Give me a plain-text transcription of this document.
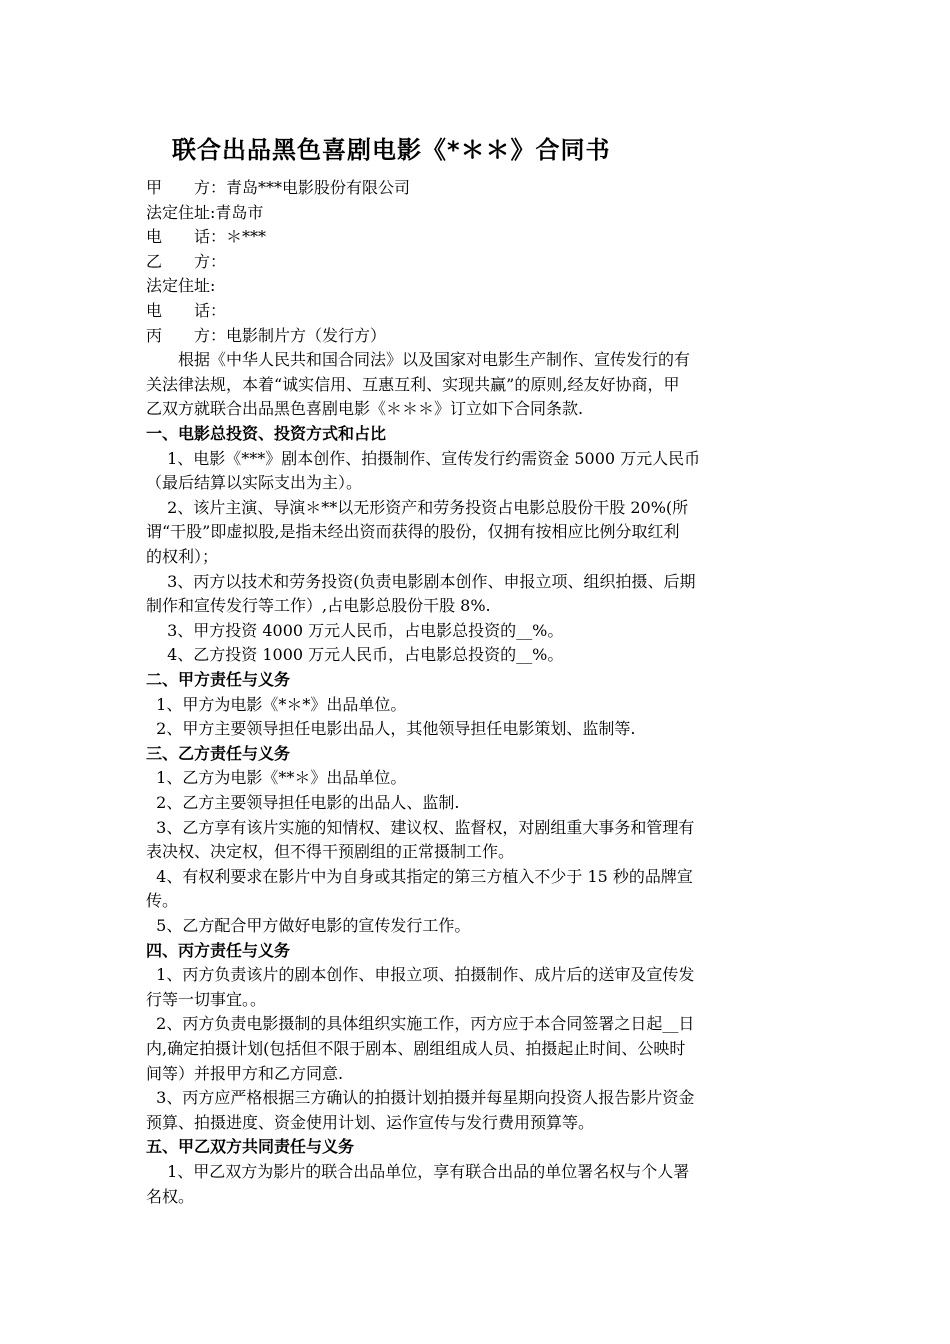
联合出品黑色喜剧电影《*＊＊》合同书
甲　　方：青岛***电影股份有限公司
法定住址:青岛市
电　　话：＊***
乙　　方：
法定住址:
电　　话：
丙　　方：电影制片方（发行方）
　　根据《中华人民共和国合同法》以及国家对电影生产制作、宣传发行的有
关法律法规，本着“诚实信用、互惠互利、实现共赢”的原则,经友好协商，甲
乙双方就联合出品黑色喜剧电影《＊＊＊》订立如下合同条款.
一、电影总投资、投资方式和占比
　 1、电影《***》剧本创作、拍摄制作、宣传发行约需资金 5000 万元人民币
（最后结算以实际支出为主）。
　 2、该片主演、导演＊**以无形资产和劳务投资占电影总股份干股 20%(所
谓“干股”即虚拟股,是指未经出资而获得的股份，仅拥有按相应比例分取红利
的权利）；
　 3、丙方以技术和劳务投资(负责电影剧本创作、申报立项、组织拍摄、后期
制作和宣传发行等工作）,占电影总股份干股 8%.
　 3、甲方投资 4000 万元人民币，占电影总投资的__%。
　 4、乙方投资 1000 万元人民币，占电影总投资的__%。
二、甲方责任与义务
1、甲方为电影《*＊*》出品单位。
2、甲方主要领导担任电影出品人，其他领导担任电影策划、监制等.
三、乙方责任与义务
1、乙方为电影《**＊》出品单位。
2、乙方主要领导担任电影的出品人、监制.
3、乙方享有该片实施的知情权、建议权、监督权，对剧组重大事务和管理有
表决权、决定权，但不得干预剧组的正常摄制工作。
4、有权利要求在影片中为自身或其指定的第三方植入不少于 15 秒的品牌宣
传。
5、乙方配合甲方做好电影的宣传发行工作。
四、丙方责任与义务
1、丙方负责该片的剧本创作、申报立项、拍摄制作、成片后的送审及宣传发
行等一切事宜。。
2、丙方负责电影摄制的具体组织实施工作，丙方应于本合同签署之日起__日
内,确定拍摄计划(包括但不限于剧本、剧组组成人员、拍摄起止时间、公映时
间等）并报甲方和乙方同意.
3、丙方应严格根据三方确认的拍摄计划拍摄并每星期向投资人报告影片资金
预算、拍摄进度、资金使用计划、运作宣传与发行费用预算等。
五、甲乙双方共同责任与义务
　 1、甲乙双方为影片的联合出品单位，享有联合出品的单位署名权与个人署
名权。
